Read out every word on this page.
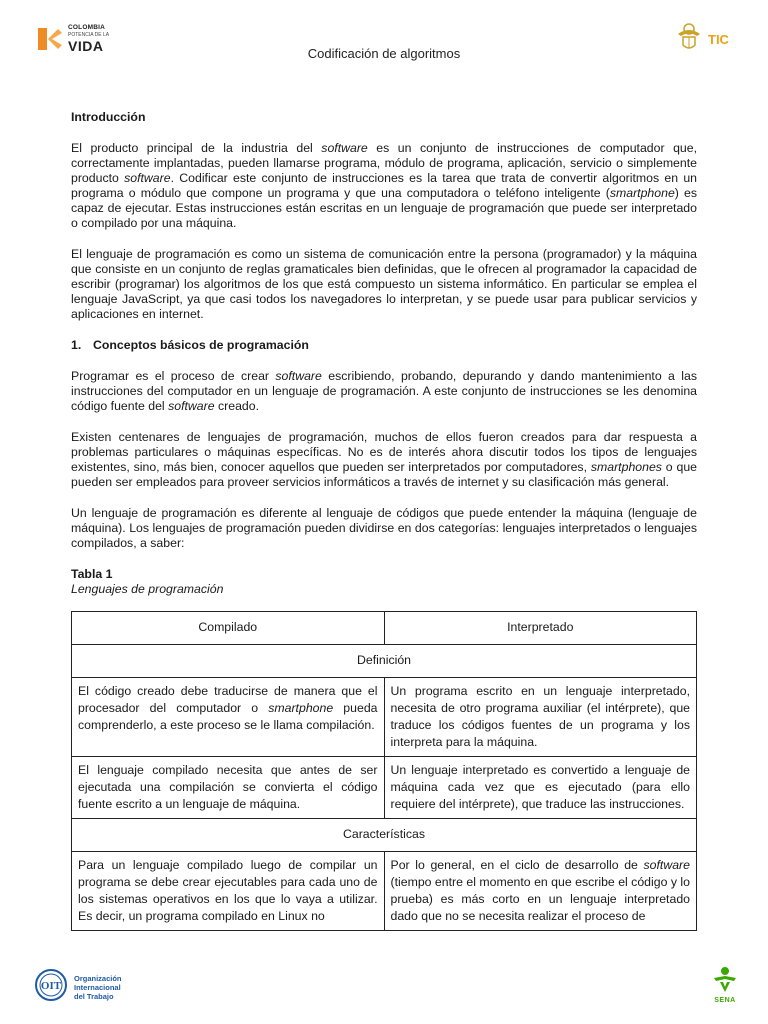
COLOMBIA
POTENCIA DE LA
VIDA	Codificación de algoritmos
TIC
Introducción

El producto principal de la industria del software es un conjunto de instrucciones de computador que, correctamente implantadas, pueden llamarse programa, módulo de programa, aplicación, servicio o simplemente producto software. Codificar este conjunto de instrucciones es la tarea que trata de convertir algoritmos en un programa o módulo que compone un programa y que una computadora o teléfono inteligente (smartphone) es capaz de ejecutar. Estas instrucciones están escritas en un lenguaje de programación que puede ser interpretado o compilado por una máquina.

El lenguaje de programación es como un sistema de comunicación entre la persona (programador) y la máquina que consiste en un conjunto de reglas gramaticales bien definidas, que le ofrecen al programador la capacidad de escribir (programar) los algoritmos de los que está compuesto un sistema informático. En particular se emplea el lenguaje JavaScript, ya que casi todos los navegadores lo interpretan, y se puede usar para publicar servicios y aplicaciones en internet.

1. Conceptos básicos de programación

Programar es el proceso de crear software escribiendo, probando, depurando y dando mantenimiento a las instrucciones del computador en un lenguaje de programación. A este conjunto de instrucciones se les denomina código fuente del software creado.

Existen centenares de lenguajes de programación, muchos de ellos fueron creados para dar respuesta a problemas particulares o máquinas específicas. No es de interés ahora discutir todos los tipos de lenguajes existentes, sino, más bien, conocer aquellos que pueden ser interpretados por computadores, smartphones o que pueden ser empleados para proveer servicios informáticos a través de internet y su clasificación más general.

Un lenguaje de programación es diferente al lenguaje de códigos que puede entender la máquina (lenguaje de máquina). Los lenguajes de programación pueden dividirse en dos categorías: lenguajes interpretados o lenguajes compilados, a saber:

Tabla 1
Lenguajes de programación
Compilado	Interpretado
Definición	
El código creado debe traducirse de manera que el procesador del computador o smartphone pueda comprenderlo, a este proceso se le llama compilación.	Un programa escrito en un lenguaje interpretado, necesita de otro programa auxiliar (el intérprete), que traduce los códigos fuentes de un programa y los interpreta para la máquina.
El lenguaje compilado necesita que antes de ser ejecutada una compilación se convierta el código fuente escrito a un lenguaje de máquina.	Un lenguaje interpretado es convertido a lenguaje de máquina cada vez que es ejecutado (para ello requiere del intérprete), que traduce las instrucciones.
Características	
Para un lenguaje compilado luego de compilar un programa se debe crear ejecutables para cada uno de los sistemas operativos en los que lo vaya a utilizar. Es decir, un programa compilado en Linux no	Por lo general, en el ciclo de desarrollo de software (tiempo entre el momento en que escribe el código y lo prueba) es más corto en un lenguaje interpretado dado que no se necesita realizar el proceso de
OIT
Organización
Internacional
del Trabajo	SENA
